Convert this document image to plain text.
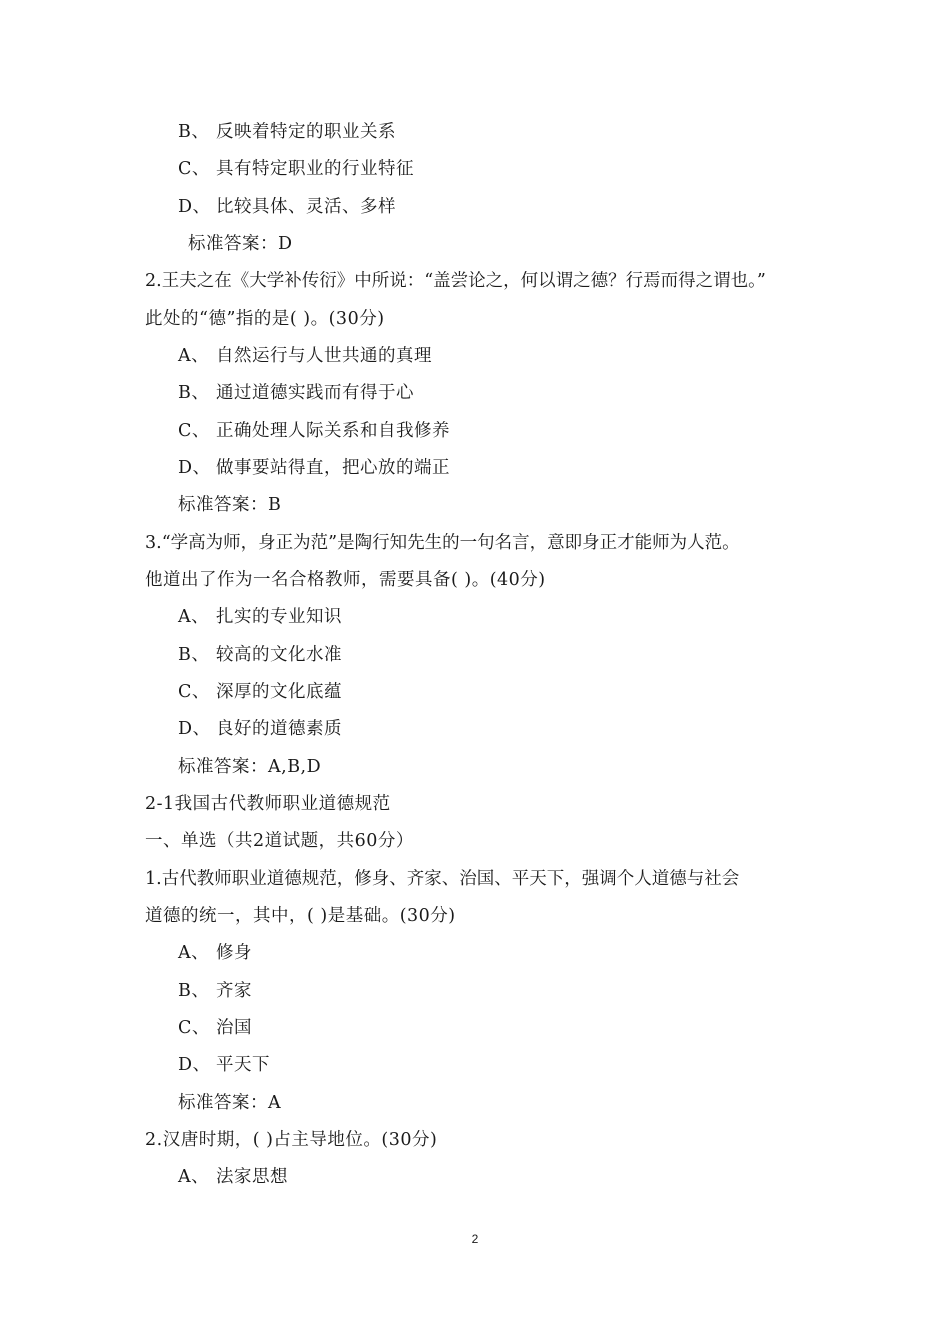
B、 反映着特定的职业关系
C、 具有特定职业的行业特征
D、 比较具体、灵活、多样
标准答案：D
2.王夫之在《大学补传衍》中所说：“盖尝论之，何以谓之德？行焉而得之谓也。”
此处的“德”指的是( )。(30分)
A、 自然运行与人世共通的真理
B、 通过道德实践而有得于心
C、 正确处理人际关系和自我修养
D、 做事要站得直，把心放的端正
标准答案：B
3.“学高为师，身正为范”是陶行知先生的一句名言，意即身正才能师为人范。
他道出了作为一名合格教师，需要具备( )。(40分)
A、 扎实的专业知识
B、 较高的文化水准
C、 深厚的文化底蕴
D、 良好的道德素质
标准答案：A,B,D
2-1我国古代教师职业道德规范
一、单选（共2道试题，共60分）
1.古代教师职业道德规范，修身、齐家、治国、平天下，强调个人道德与社会
道德的统一，其中，( )是基础。(30分)
A、 修身
B、 齐家
C、 治国
D、 平天下
标准答案：A
2.汉唐时期，( )占主导地位。(30分)
A、 法家思想
2
